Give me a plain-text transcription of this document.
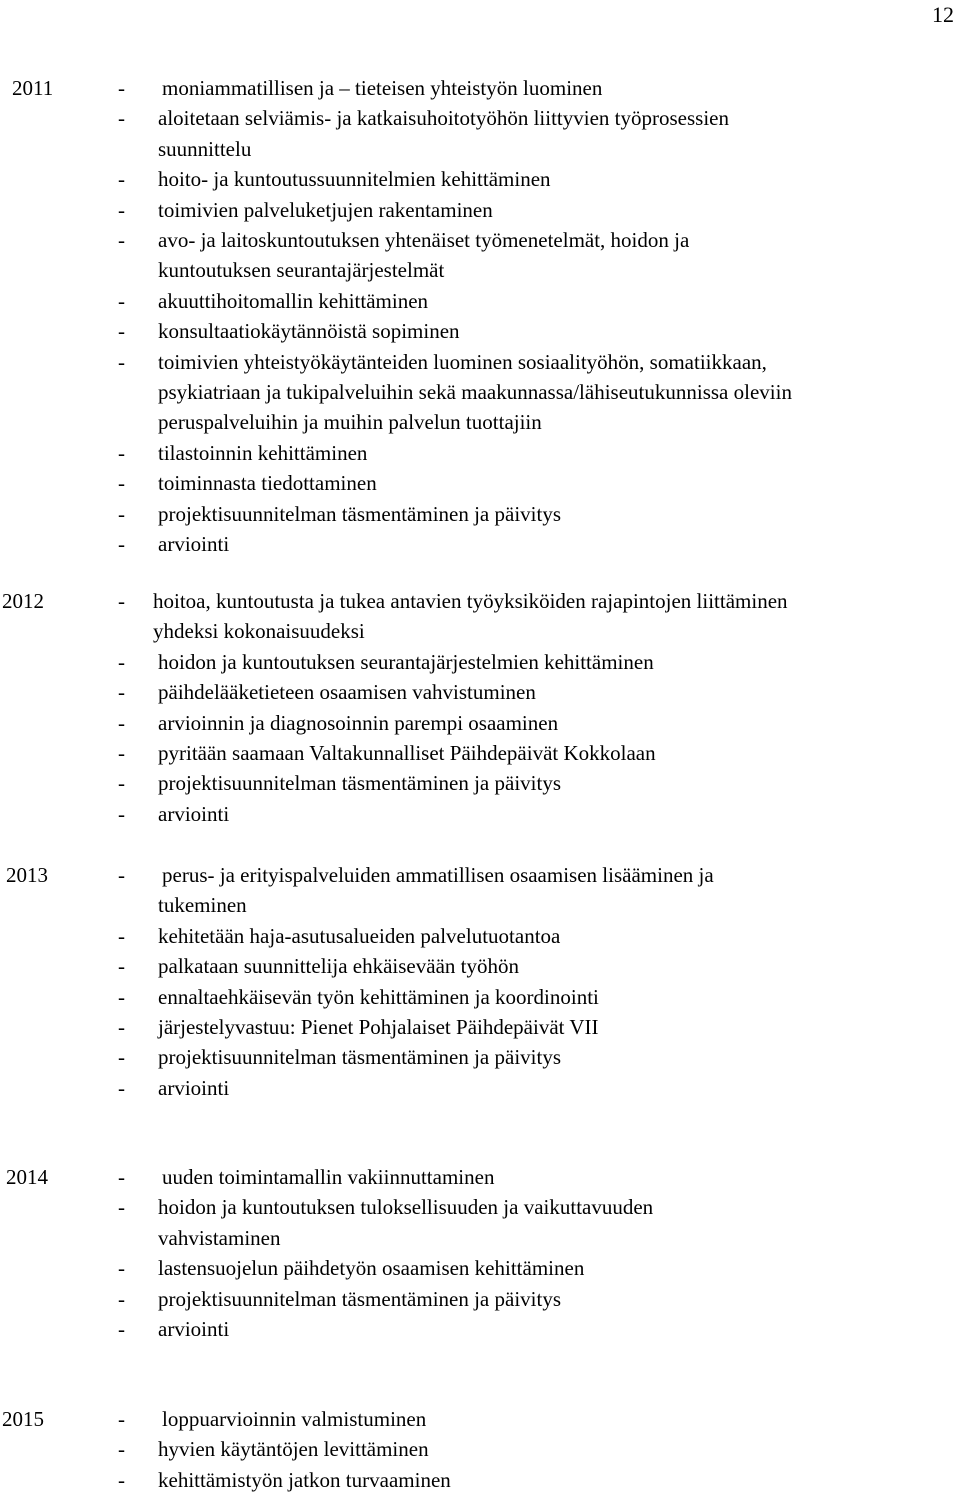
12
2011	- moniammatillisen ja – tieteisen yhteistyön luominen
- aloitetaan selviämis- ja katkaisuhoitotyöhön liittyvien työprosessien
suunnittelu
- hoito- ja kuntoutussuunnitelmien kehittäminen
- toimivien palveluketjujen rakentaminen
- avo- ja laitoskuntoutuksen yhtenäiset työmenetelmät, hoidon ja
kuntoutuksen seurantajärjestelmät
- akuuttihoitomallin kehittäminen
- konsultaatiokäytännöistä sopiminen
- toimivien yhteistyökäytänteiden luominen sosiaalityöhön, somatiikkaan,
psykiatriaan ja tukipalveluihin sekä maakunnassa/lähiseutukunnissa oleviin
peruspalveluihin ja muihin palvelun tuottajiin
- tilastoinnin kehittäminen
- toiminnasta tiedottaminen
- projektisuunnitelman täsmentäminen ja päivitys
- arviointi
2012	- hoitoa, kuntoutusta ja tukea antavien työyksiköiden rajapintojen liittäminen
yhdeksi kokonaisuudeksi
- hoidon ja kuntoutuksen seurantajärjestelmien kehittäminen
- päihdelääketieteen osaamisen vahvistuminen
- arvioinnin ja diagnosoinnin parempi osaaminen
- pyritään saamaan Valtakunnalliset Päihdepäivät Kokkolaan
- projektisuunnitelman täsmentäminen ja päivitys
- arviointi
2013	- perus- ja erityispalveluiden ammatillisen osaamisen lisääminen ja
tukeminen
- kehitetään haja-asutusalueiden palvelutuotantoa
- palkataan suunnittelija ehkäisevään työhön
- ennaltaehkäisevän työn kehittäminen ja koordinointi
- järjestelyvastuu: Pienet Pohjalaiset Päihdepäivät VII
- projektisuunnitelman täsmentäminen ja päivitys
- arviointi
2014	- uuden toimintamallin vakiinnuttaminen
- hoidon ja kuntoutuksen tuloksellisuuden ja vaikuttavuuden
vahvistaminen
- lastensuojelun päihdetyön osaamisen kehittäminen
- projektisuunnitelman täsmentäminen ja päivitys
- arviointi
2015	- loppuarvioinnin valmistuminen
- hyvien käytäntöjen levittäminen
- kehittämistyön jatkon turvaaminen
